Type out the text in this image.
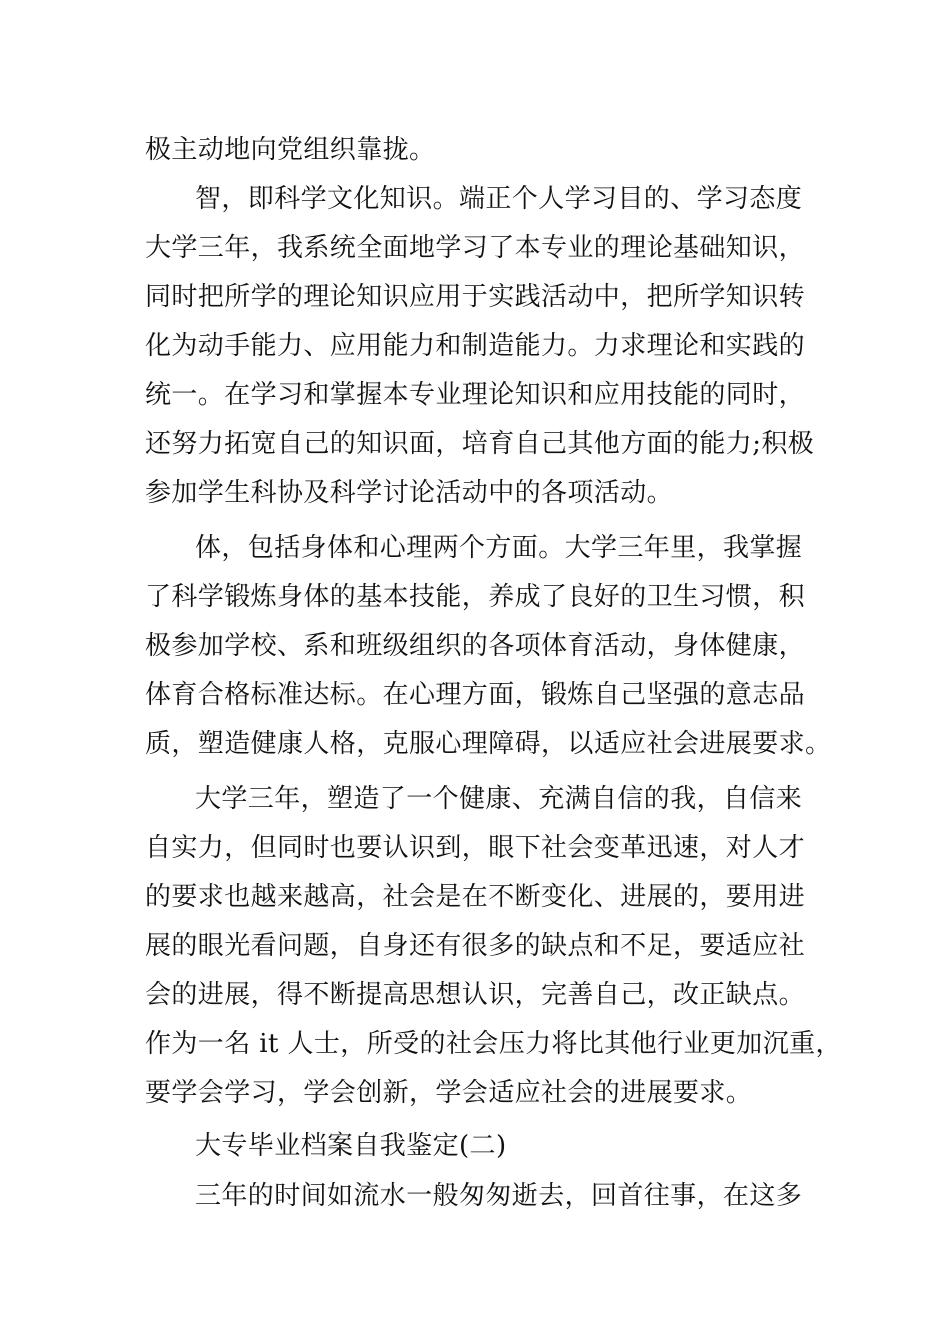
极主动地向党组织靠拢。
智，即科学文化知识。端正个人学习目的、学习态度
大学三年，我系统全面地学习了本专业的理论基础知识，
同时把所学的理论知识应用于实践活动中，把所学知识转
化为动手能力、应用能力和制造能力。力求理论和实践的
统一。在学习和掌握本专业理论知识和应用技能的同时，
还努力拓宽自己的知识面，培育自己其他方面的能力;积极
参加学生科协及科学讨论活动中的各项活动。
体，包括身体和心理两个方面。大学三年里，我掌握
了科学锻炼身体的基本技能，养成了良好的卫生习惯，积
极参加学校、系和班级组织的各项体育活动，身体健康，
体育合格标准达标。在心理方面，锻炼自己坚强的意志品
质，塑造健康人格，克服心理障碍，以适应社会进展要求。
大学三年，塑造了一个健康、充满自信的我，自信来
自实力，但同时也要认识到，眼下社会变革迅速，对人才
的要求也越来越高，社会是在不断变化、进展的，要用进
展的眼光看问题，自身还有很多的缺点和不足，要适应社
会的进展，得不断提高思想认识，完善自己，改正缺点。
作为一名 it 人士，所受的社会压力将比其他行业更加沉重，
要学会学习，学会创新，学会适应社会的进展要求。
大专毕业档案自我鉴定(二)
三年的时间如流水一般匆匆逝去，回首往事，在这多
